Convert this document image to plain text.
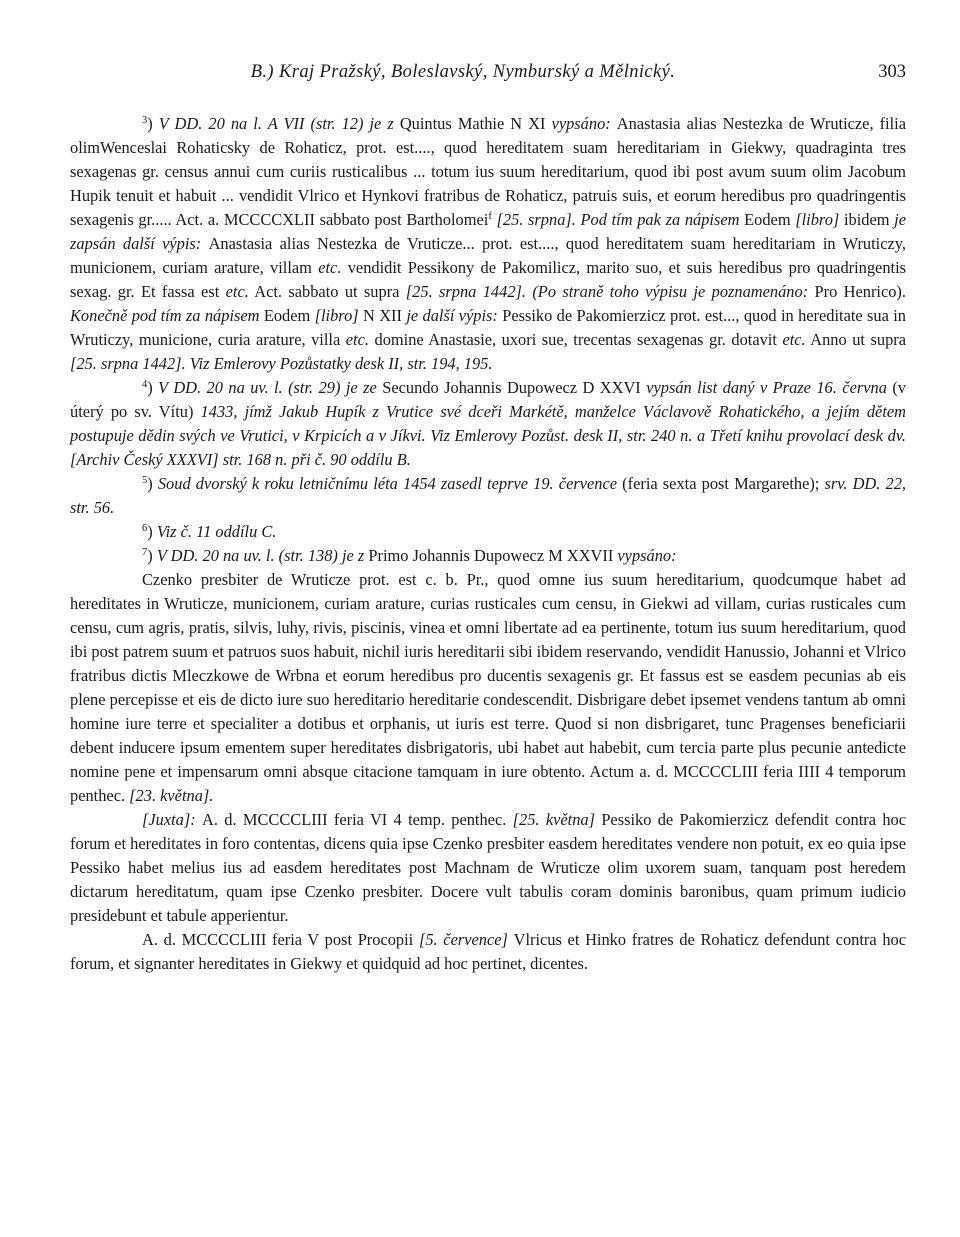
B.) Kraj Pražský, Boleslavský, Nymburský a Mělnický.	303

$^3$) V DD. 20 na l. A VII (str. 12) je z Quintus Mathie N XI vypsáno: Anastasia alias Nestezka de Wruticze, filia olimWenceslai Rohaticsky de Rohaticz, prot. est...., quod hereditatem suam hereditariam in Giekwy, quadraginta tres sexagenas gr. census annui cum curiis rusticalibus ... totum ius suum hereditarium, quod ibi post avum suum olim Jacobum Hupik tenuit et habuit ... vendidit Vlrico et Hynkovi fratribus de Rohaticz, patruis suis, et eorum heredibus pro quadringentis sexagenis gr..... Act. a. MCCCCXLII sabbato post Bartholomei$^f$ [25. srpna]. Pod tím pak za nápisem Eodem [libro] ibidem je zapsán další výpis: Anastasia alias Nestezka de Vruticze... prot. est...., quod hereditatem suam hereditariam in Wruticzy, municionem, curiam arature, villam etc. vendidit Pessikony de Pakomilicz, marito suo, et suis heredibus pro quadringentis sexag. gr. Et fassa est etc. Act. sabbato ut supra [25. srpna 1442]. (Po straně toho výpisu je poznamenáno: Pro Henrico). Konečně pod tím za nápisem Eodem [libro] N XII je další výpis: Pessiko de Pakomierzicz prot. est..., quod in hereditate sua in Wruticzy, municione, curia arature, villa etc. domine Anastasie, uxori sue, trecentas sexagenas gr. dotavit etc. Anno ut supra [25. srpna 1442]. Viz Emlerovy Pozůstatky desk II, str. 194, 195.

$^4$) V DD. 20 na uv. l. (str. 29) je ze Secundo Johannis Dupowecz D XXVI vypsán list daný v Praze 16. června (v úterý po sv. Vítu) 1433, jímž Jakub Hupík z Vrutice své dceři Markétě, manželce Václavově Rohatického, a jejím dětem postupuje dědin svých ve Vrutici, v Krpicích a v Jíkvi. Viz Emlerovy Pozůst. desk II, str. 240 n. a Třetí knihu provolací desk dv. [Archiv Český XXXVI] str. 168 n. při č. 90 oddílu B.

$^5$) Soud dvorský k roku letničnímu léta 1454 zasedl teprve 19. července (feria sexta post Margarethe); srv. DD. 22, str. 56.

$^6$) Viz č. 11 oddílu C.

$^7$) V DD. 20 na uv. l. (str. 138) je z Primo Johannis Dupowecz M XXVII vypsáno:

Czenko presbiter de Wruticze prot. est c. b. Pr., quod omne ius suum hereditarium, quodcumque habet ad hereditates in Wruticze, municionem, curiam arature, curias rusticales cum censu, in Giekwi ad villam, curias rusticales cum censu, cum agris, pratis, silvis, luhy, rivis, piscinis, vinea et omni libertate ad ea pertinente, totum ius suum hereditarium, quod ibi post patrem suum et patruos suos habuit, nichil iuris hereditarii sibi ibidem reservando, vendidit Hanussio, Johanni et Vlrico fratribus dictis Mleczkowe de Wrbna et eorum heredibus pro ducentis sexagenis gr. Et fassus est se easdem pecunias ab eis plene percepisse et eis de dicto iure suo hereditario hereditarie condescendit. Disbrigare debet ipsemet vendens tantum ab omni homine iure terre et specialiter a dotibus et orphanis, ut iuris est terre. Quod si non disbrigaret, tunc Pragenses beneficiarii debent inducere ipsum ementem super hereditates disbrigatoris, ubi habet aut habebit, cum tercia parte plus pecunie antedicte nomine pene et impensarum omni absque citacione tamquam in iure obtento. Actum a. d. MCCCCLIII feria IIII 4 temporum penthec. [23. května].

[Juxta]: A. d. MCCCCLIII feria VI 4 temp. penthec. [25. května] Pessiko de Pakomierzicz defendit contra hoc forum et hereditates in foro contentas, dicens quia ipse Czenko presbiter easdem hereditates vendere non potuit, ex eo quia ipse Pessiko habet melius ius ad easdem hereditates post Machnam de Wruticze olim uxorem suam, tanquam post heredem dictarum hereditatum, quam ipse Czenko presbiter. Docere vult tabulis coram dominis baronibus, quam primum iudicio presidebunt et tabule apperientur.

A. d. MCCCCLIII feria V post Procopii [5. července] Vlricus et Hinko fratres de Rohaticz defendunt contra hoc forum, et signanter hereditates in Giekwy et quidquid ad hoc pertinet, dicentes.
